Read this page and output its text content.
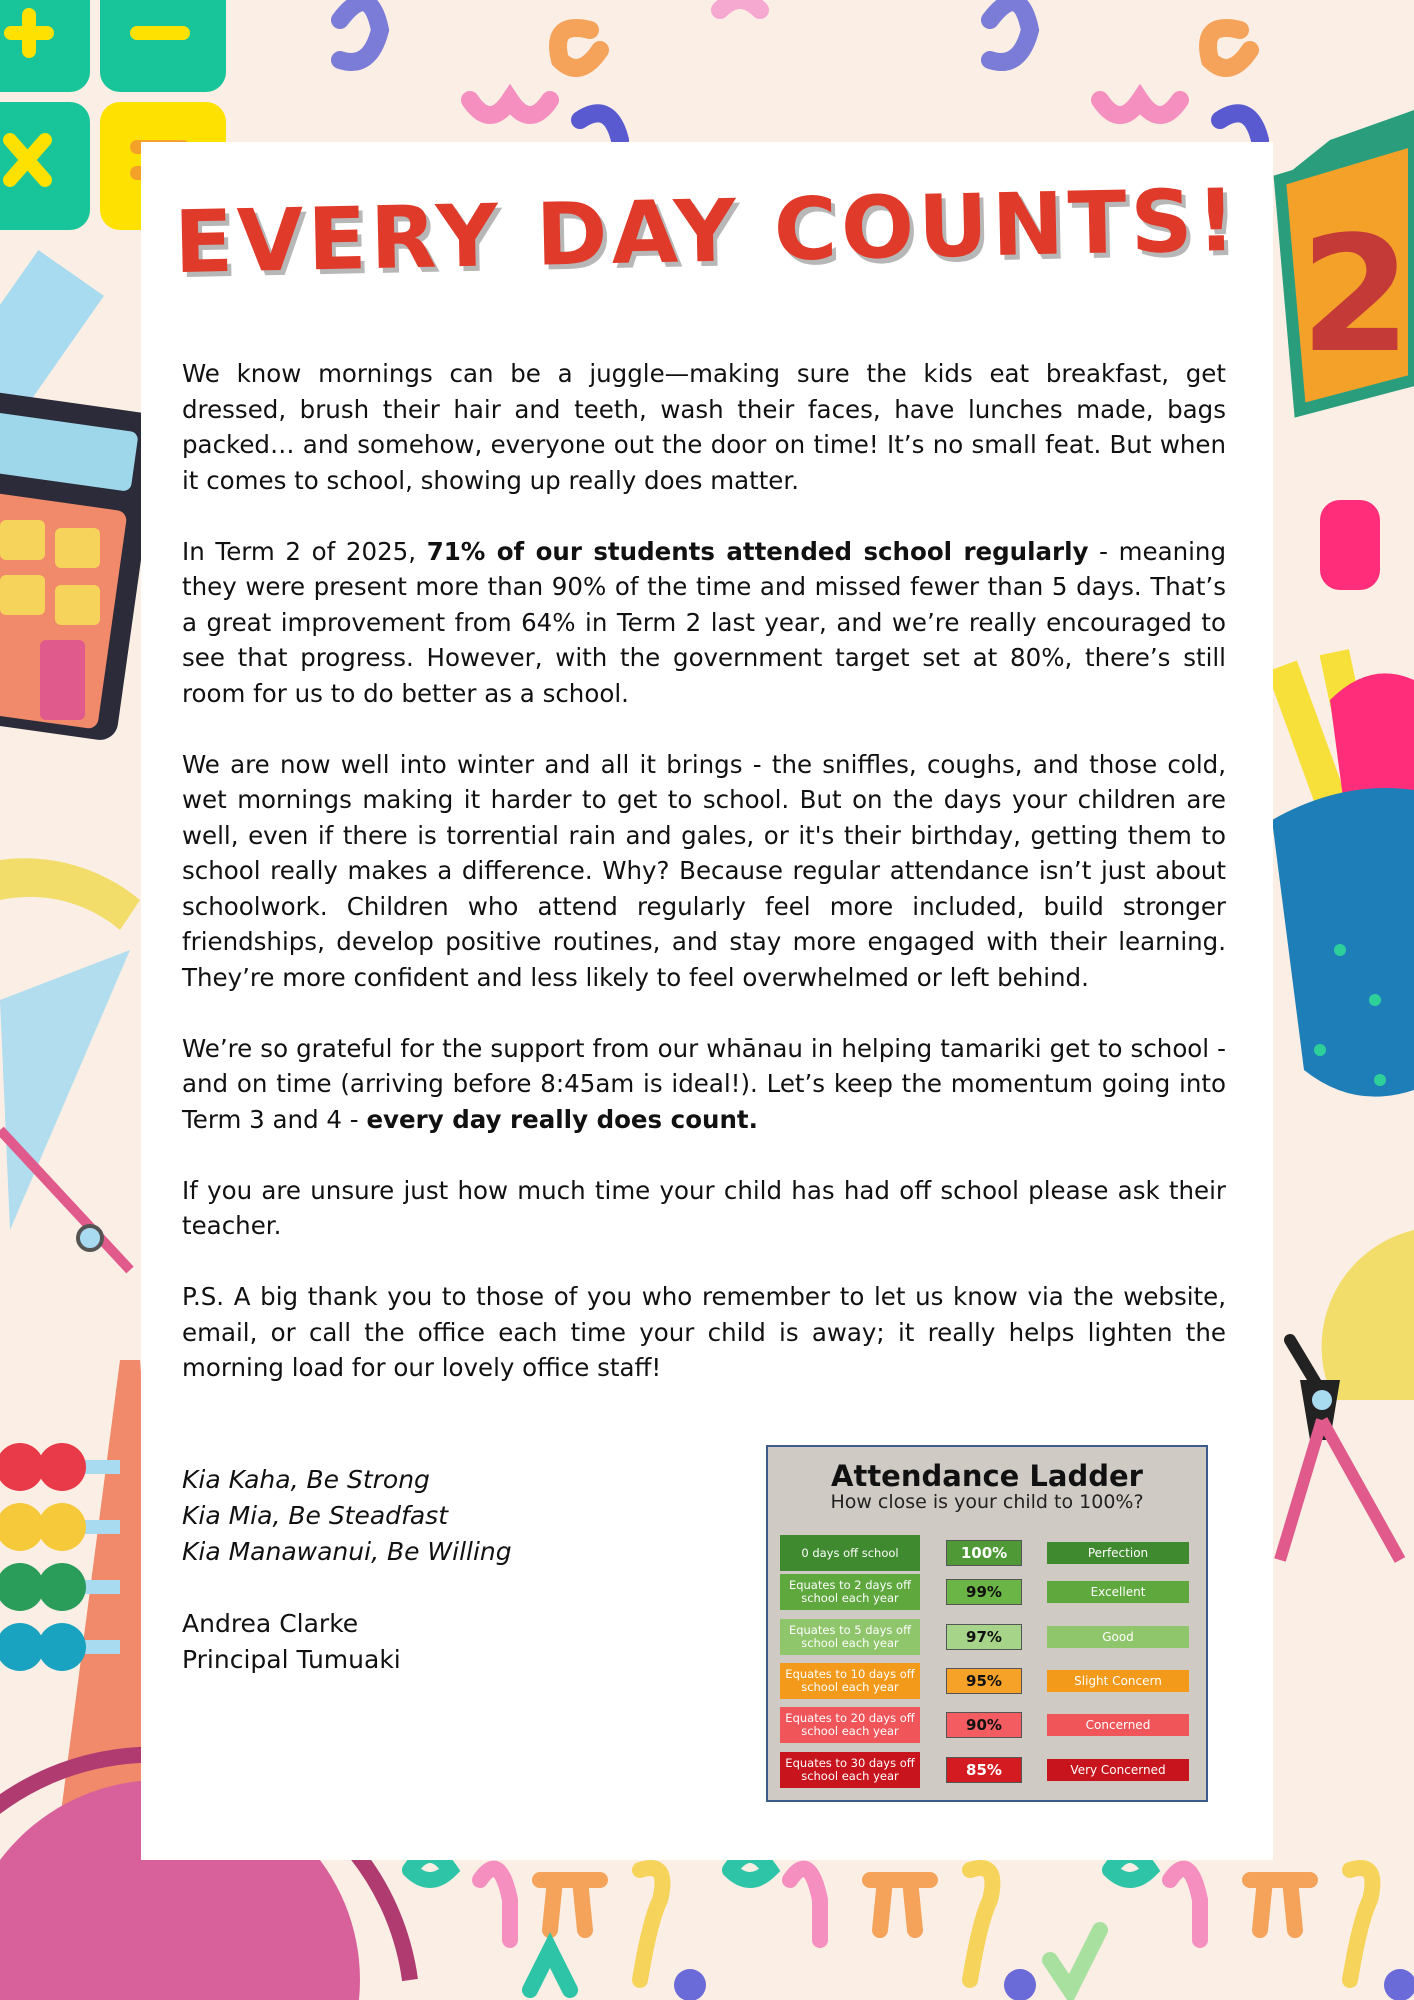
2
EVERY DAY COUNTS!

We know mornings can be a juggle—making sure the kids eat breakfast, get dressed, brush their hair and teeth, wash their faces, have lunches made, bags packed… and somehow, everyone out the door on time! It’s no small feat. But when it comes to school, showing up really does matter.

In Term 2 of 2025, 71% of our students attended school regularly - meaning they were present more than 90% of the time and missed fewer than 5 days. That’s a great improvement from 64% in Term 2 last year, and we’re really encouraged to see that progress. However, with the government target set at 80%, there’s still room for us to do better as a school.

We are now well into winter and all it brings - the sniffles, coughs, and those cold, wet mornings making it harder to get to school. But on the days your children are well, even if there is torrential rain and gales, or it's their birthday, getting them to school really makes a difference. Why? Because regular attendance isn’t just about schoolwork. Children who attend regularly feel more included, build stronger friendships, develop positive routines, and stay more engaged with their learning. They’re more confident and less likely to feel overwhelmed or left behind.

We’re so grateful for the support from our whānau in helping tamariki get to school - and on time (arriving before 8:45am is ideal!). Let’s keep the momentum going into Term 3 and 4 - every day really does count.

If you are unsure just how much time your child has had off school please ask their teacher.

P.S. A big thank you to those of you who remember to let us know via the website, email, or call the office each time your child is away; it really helps lighten the morning load for our lovely office staff!

Kia Kaha, Be Strong
Kia Mia, Be Steadfast
Kia Manawanui, Be Willing
Andrea Clarke
Principal Tumuaki
Attendance Ladder
How close is your child to 100%?
0 days off school	100%	Perfection
Equates to 2 days off school each year	99%	Excellent
Equates to 5 days off school each year	97%	Good
Equates to 10 days off school each year	95%	Slight Concern
Equates to 20 days off school each year	90%	Concerned
Equates to 30 days off school each year	85%	Very Concerned
